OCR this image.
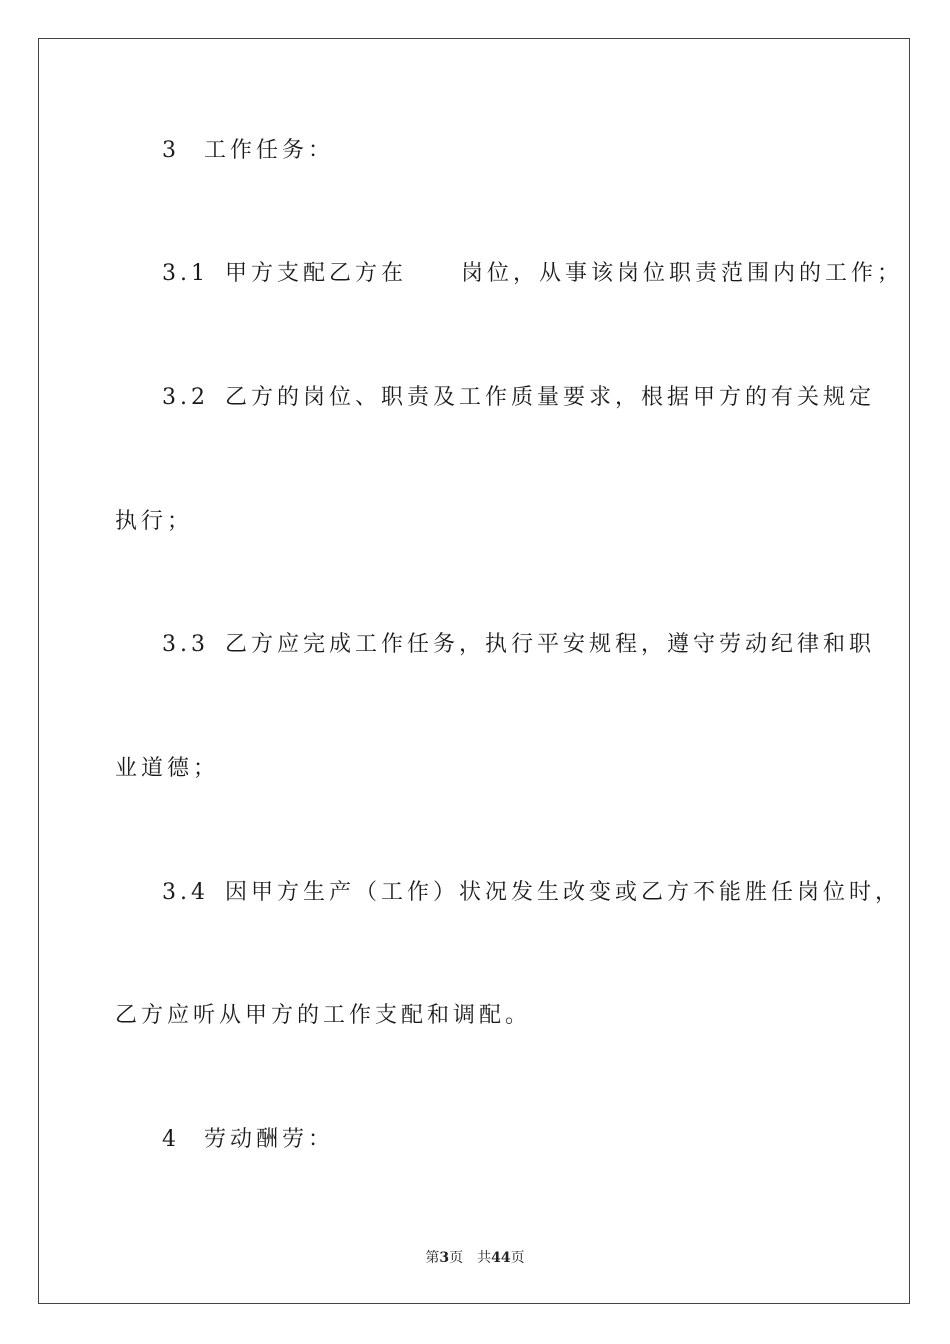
3 工作任务：
3.1 甲方支配乙方在 岗位，从事该岗位职责范围内的工作；
3.2 乙方的岗位、职责及工作质量要求，根据甲方的有关规定
执行；
3.3 乙方应完成工作任务，执行平安规程，遵守劳动纪律和职
业道德；
3.4 因甲方生产（工作）状况发生改变或乙方不能胜任岗位时，
乙方应听从甲方的工作支配和调配。
4 劳动酬劳：
第3页 共44页
